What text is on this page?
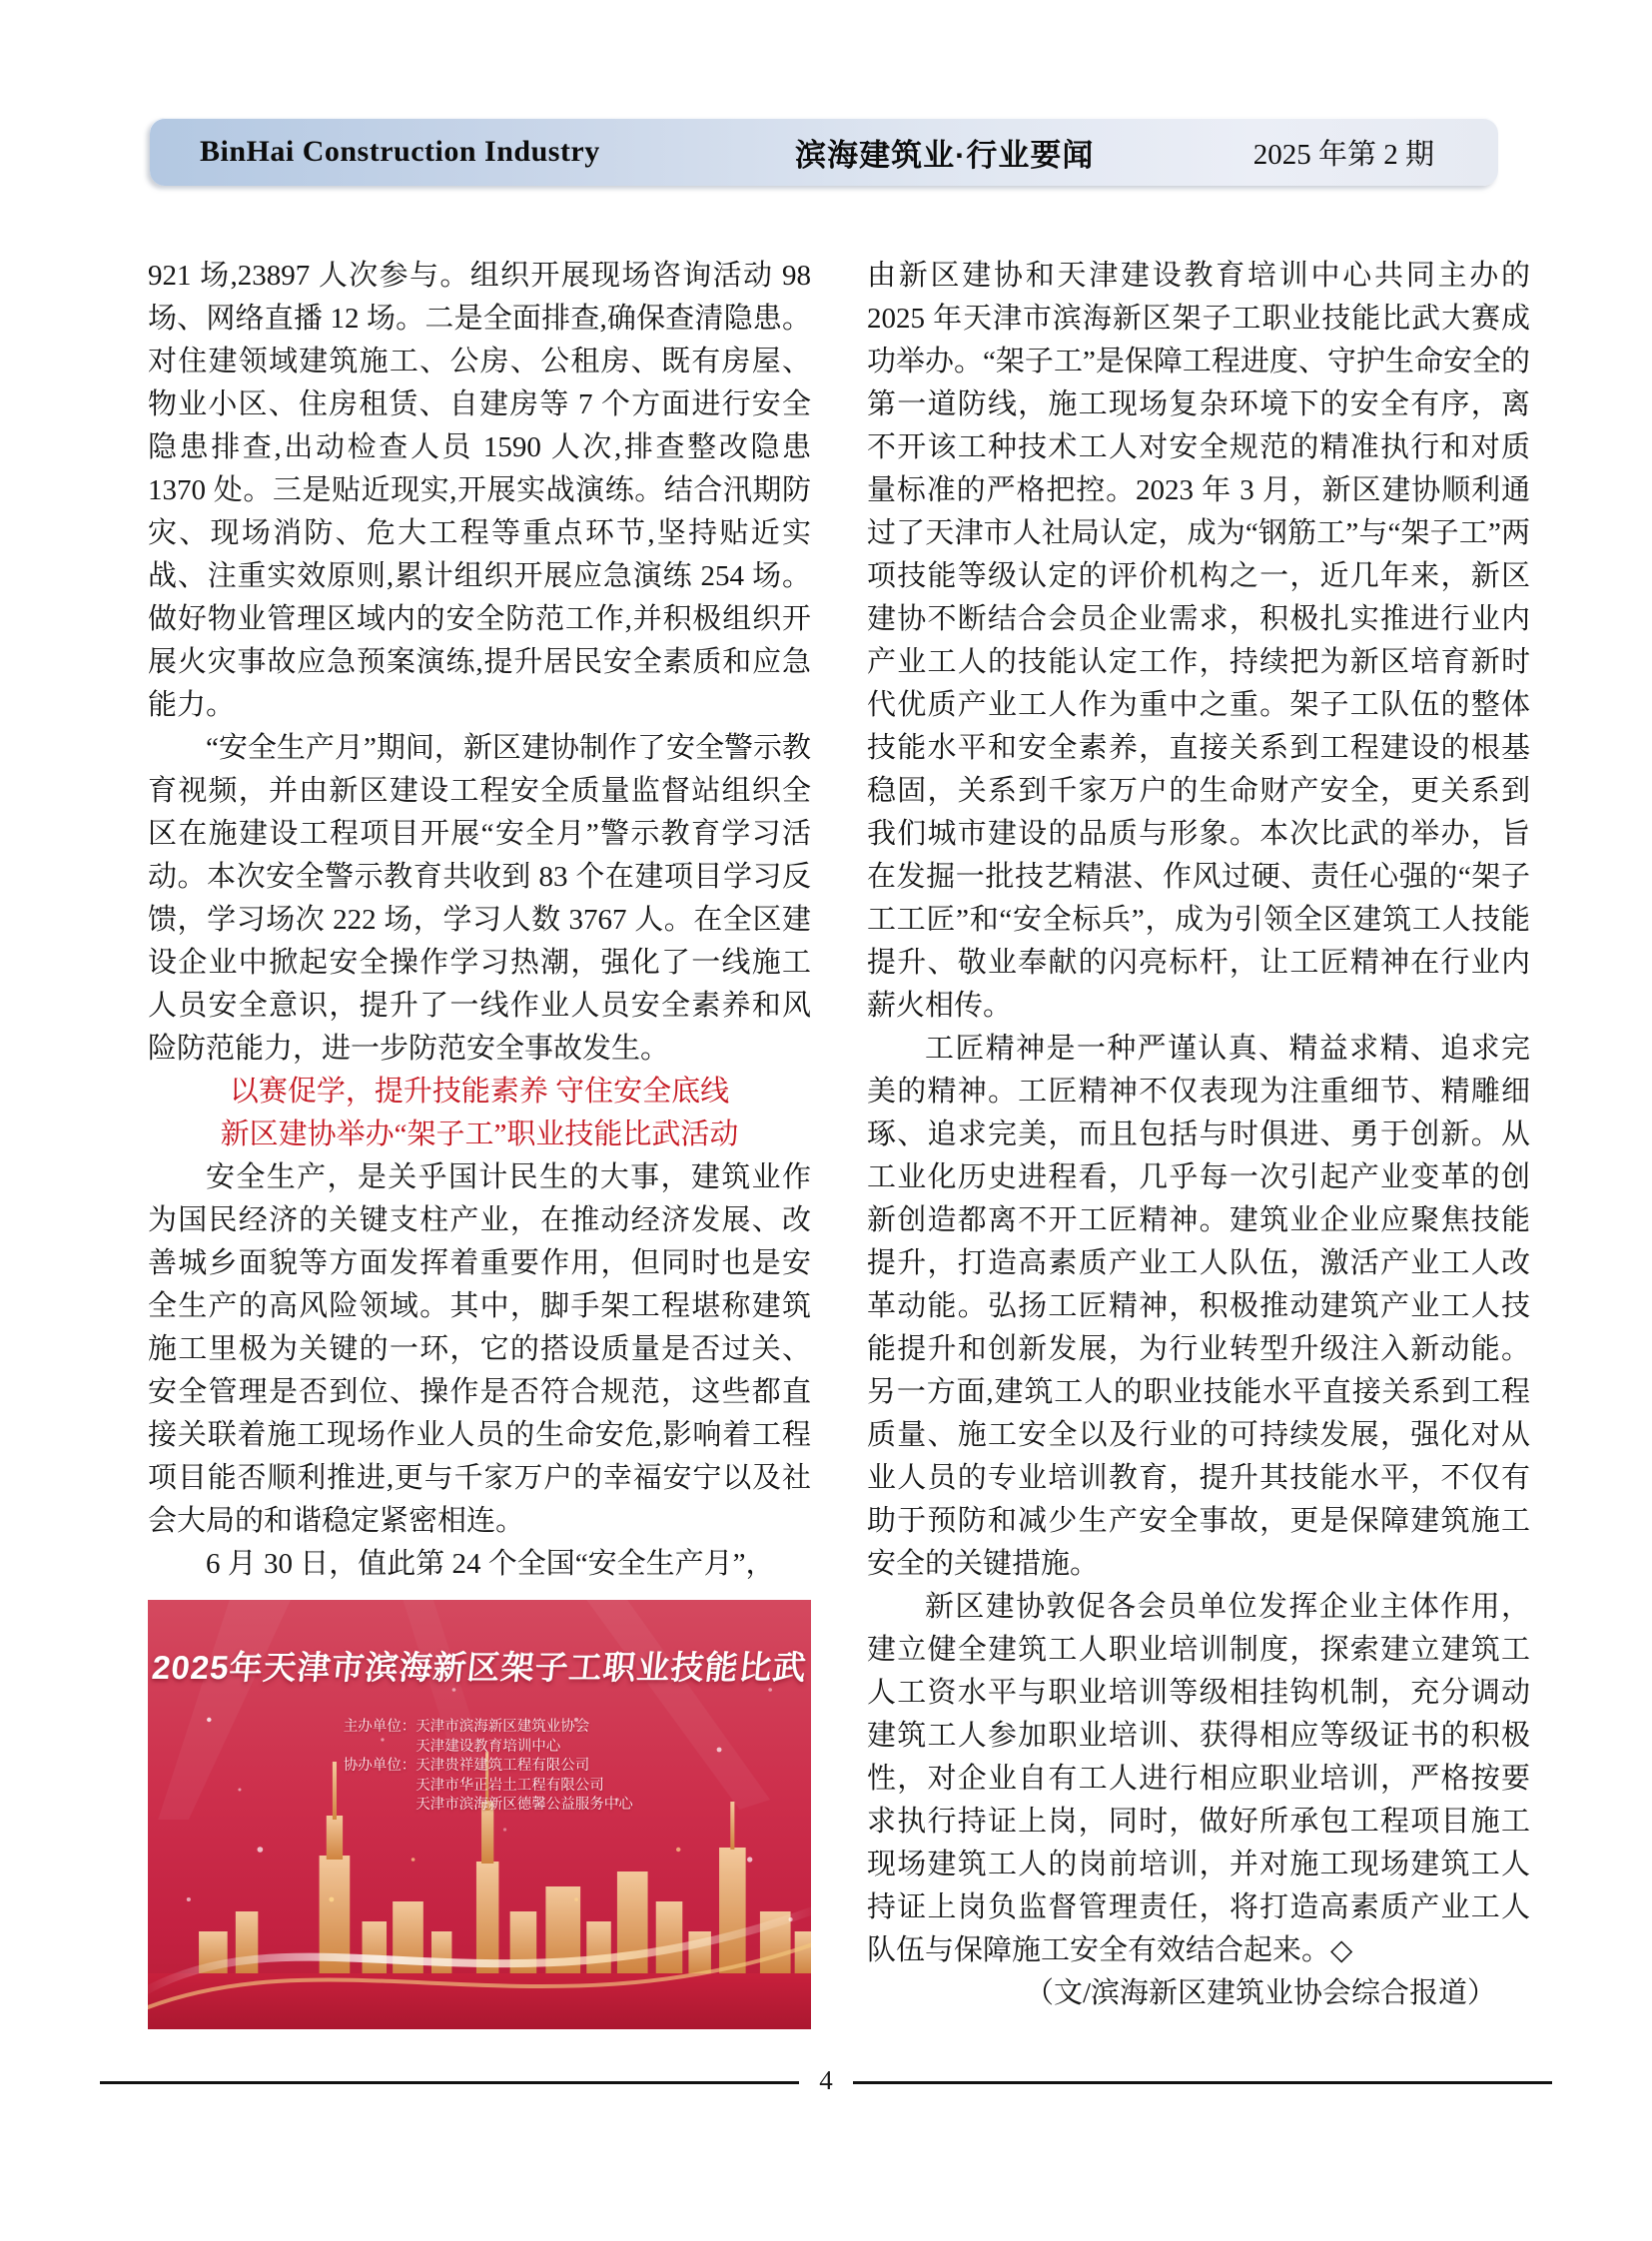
BinHai Construction Industry	滨海建筑业·行业要闻	2025 年第 2 期
921 场,23897 人次参与。组织开展现场咨询活动 98 场、网络直播 12 场。二是全面排查,确保查清隐患。对住建领域建筑施工、公房、公租房、既有房屋、物业小区、住房租赁、自建房等 7 个方面进行安全隐患排查,出动检查人员 1590 人次,排查整改隐患 1370 处。三是贴近现实,开展实战演练。结合汛期防灾、现场消防、危大工程等重点环节,坚持贴近实战、注重实效原则,累计组织开展应急演练 254 场。做好物业管理区域内的安全防范工作,并积极组织开展火灾事故应急预案演练,提升居民安全素质和应急能力。
“安全生产月”期间，新区建协制作了安全警示教育视频，并由新区建设工程安全质量监督站组织全区在施建设工程项目开展“安全月”警示教育学习活动。本次安全警示教育共收到 83 个在建项目学习反馈，学习场次 222 场，学习人数 3767 人。在全区建设企业中掀起安全操作学习热潮，强化了一线施工人员安全意识，提升了一线作业人员安全素养和风险防范能力，进一步防范安全事故发生。
以赛促学，提升技能素养 守住安全底线
新区建协举办“架子工”职业技能比武活动
安全生产，是关乎国计民生的大事，建筑业作为国民经济的关键支柱产业，在推动经济发展、改善城乡面貌等方面发挥着重要作用，但同时也是安全生产的高风险领域。其中，脚手架工程堪称建筑施工里极为关键的一环，它的搭设质量是否过关、安全管理是否到位、操作是否符合规范，这些都直接关联着施工现场作业人员的生命安危,影响着工程项目能否顺利推进,更与千家万户的幸福安宁以及社会大局的和谐稳定紧密相连。
6 月 30 日，值此第 24 个全国“安全生产月”，
2025年天津市滨海新区架子工职业技能比武
主办单位： 天津市滨海新区建筑业协会
天津建设教育培训中心
协办单位： 天津贵祥建筑工程有限公司
天津市华正岩土工程有限公司
天津市滨海新区德馨公益服务中心
由新区建协和天津建设教育培训中心共同主办的 2025 年天津市滨海新区架子工职业技能比武大赛成功举办。“架子工”是保障工程进度、守护生命安全的第一道防线，施工现场复杂环境下的安全有序，离不开该工种技术工人对安全规范的精准执行和对质量标准的严格把控。2023 年 3 月，新区建协顺利通过了天津市人社局认定，成为“钢筋工”与“架子工”两项技能等级认定的评价机构之一，近几年来，新区建协不断结合会员企业需求，积极扎实推进行业内产业工人的技能认定工作，持续把为新区培育新时代优质产业工人作为重中之重。架子工队伍的整体技能水平和安全素养，直接关系到工程建设的根基稳固，关系到千家万户的生命财产安全，更关系到我们城市建设的品质与形象。本次比武的举办，旨在发掘一批技艺精湛、作风过硬、责任心强的“架子工工匠”和“安全标兵”，成为引领全区建筑工人技能提升、敬业奉献的闪亮标杆，让工匠精神在行业内薪火相传。
工匠精神是一种严谨认真、精益求精、追求完美的精神。工匠精神不仅表现为注重细节、精雕细琢、追求完美，而且包括与时俱进、勇于创新。从工业化历史进程看，几乎每一次引起产业变革的创新创造都离不开工匠精神。建筑业企业应聚焦技能提升，打造高素质产业工人队伍，激活产业工人改革动能。弘扬工匠精神，积极推动建筑产业工人技能提升和创新发展，为行业转型升级注入新动能。另一方面,建筑工人的职业技能水平直接关系到工程质量、施工安全以及行业的可持续发展，强化对从业人员的专业培训教育，提升其技能水平，不仅有助于预防和减少生产安全事故，更是保障建筑施工安全的关键措施。
新区建协敦促各会员单位发挥企业主体作用，建立健全建筑工人职业培训制度，探索建立建筑工人工资水平与职业培训等级相挂钩机制，充分调动建筑工人参加职业培训、获得相应等级证书的积极性，对企业自有工人进行相应职业培训，严格按要求执行持证上岗，同时，做好所承包工程项目施工现场建筑工人的岗前培训，并对施工现场建筑工人持证上岗负监督管理责任，将打造高素质产业工人队伍与保障施工安全有效结合起来。◇
（文/滨海新区建筑业协会综合报道）
4
